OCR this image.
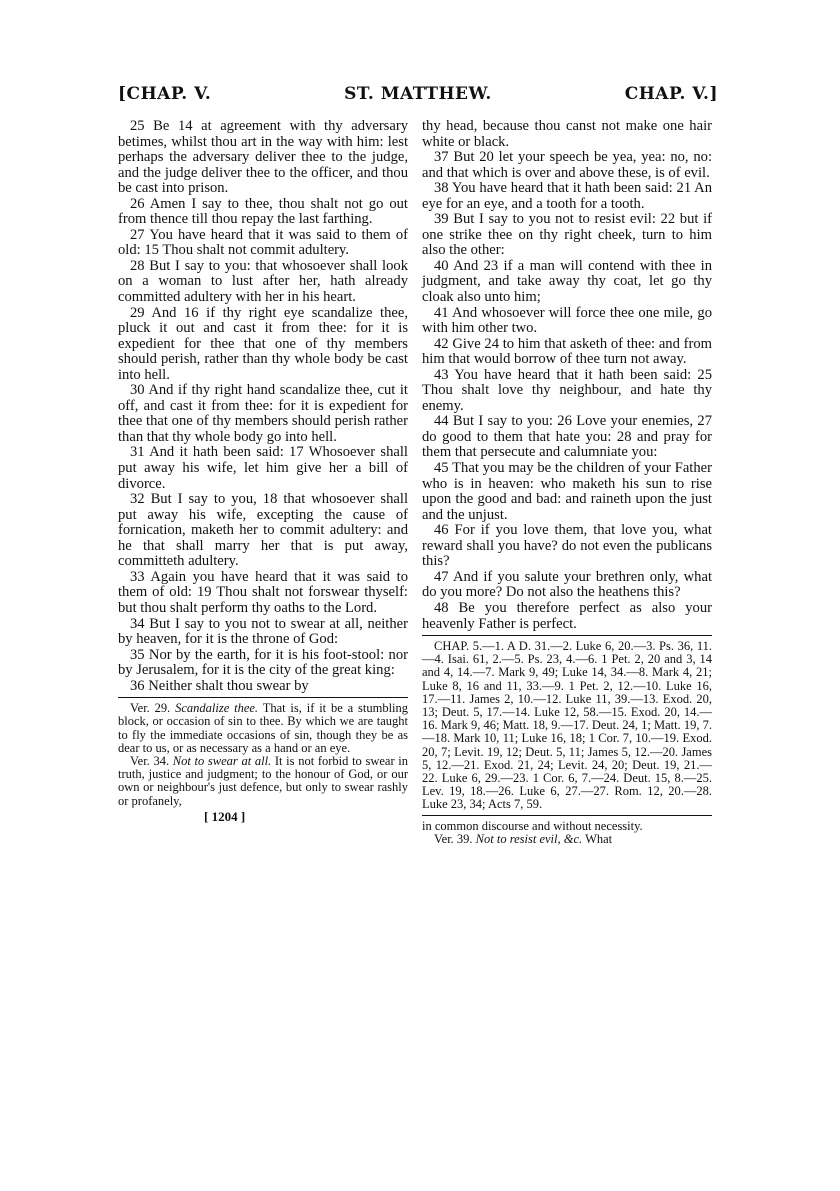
[CHAP. V.	ST. MATTHEW.	CHAP. V.]

25 Be 14 at agreement with thy adversary betimes, whilst thou art in the way with him: lest perhaps the adversary deliver thee to the judge, and the judge deliver thee to the officer, and thou be cast into prison.

26 Amen I say to thee, thou shalt not go out from thence till thou repay the last farthing.

27 You have heard that it was said to them of old: 15 Thou shalt not commit adultery.

28 But I say to you: that whosoever shall look on a woman to lust after her, hath already committed adultery with her in his heart.

29 And 16 if thy right eye scandalize thee, pluck it out and cast it from thee: for it is expedient for thee that one of thy members should perish, rather than thy whole body be cast into hell.

30 And if thy right hand scandalize thee, cut it off, and cast it from thee: for it is expedient for thee that one of thy members should perish rather than that thy whole body go into hell.

31 And it hath been said: 17 Whosoever shall put away his wife, let him give her a bill of divorce.

32 But I say to you, 18 that whosoever shall put away his wife, excepting the cause of fornication, maketh her to commit adultery: and he that shall marry her that is put away, committeth adultery.

33 Again you have heard that it was said to them of old: 19 Thou shalt not forswear thyself: but thou shalt perform thy oaths to the Lord.

34 But I say to you not to swear at all, neither by heaven, for it is the throne of God:

35 Nor by the earth, for it is his foot-stool: nor by Jerusalem, for it is the city of the great king:

36 Neither shalt thou swear by

Ver. 29. Scandalize thee. That is, if it be a stumbling block, or occasion of sin to thee. By which we are taught to fly the immediate occasions of sin, though they be as dear to us, or as necessary as a hand or an eye.

Ver. 34. Not to swear at all. It is not forbid to swear in truth, justice and judgment; to the honour of God, or our own or neighbour's just defence, but only to swear rashly or profanely,

[ 1204 ]

thy head, because thou canst not make one hair white or black.

37 But 20 let your speech be yea, yea: no, no: and that which is over and above these, is of evil.

38 You have heard that it hath been said: 21 An eye for an eye, and a tooth for a tooth.

39 But I say to you not to resist evil: 22 but if one strike thee on thy right cheek, turn to him also the other:

40 And 23 if a man will contend with thee in judgment, and take away thy coat, let go thy cloak also unto him;

41 And whosoever will force thee one mile, go with him other two.

42 Give 24 to him that asketh of thee: and from him that would borrow of thee turn not away.

43 You have heard that it hath been said: 25 Thou shalt love thy neighbour, and hate thy enemy.

44 But I say to you: 26 Love your enemies, 27 do good to them that hate you: 28 and pray for them that persecute and calumniate you:

45 That you may be the children of your Father who is in heaven: who maketh his sun to rise upon the good and bad: and raineth upon the just and the unjust.

46 For if you love them, that love you, what reward shall you have? do not even the publicans this?

47 And if you salute your brethren only, what do you more? Do not also the heathens this?

48 Be you therefore perfect as also your heavenly Father is perfect.

CHAP. 5.—1. A D. 31.—2. Luke 6, 20.—3. Ps. 36, 11.—4. Isai. 61, 2.—5. Ps. 23, 4.—6. 1 Pet. 2, 20 and 3, 14 and 4, 14.—7. Mark 9, 49; Luke 14, 34.—8. Mark 4, 21; Luke 8, 16 and 11, 33.—9. 1 Pet. 2, 12.—10. Luke 16, 17.—11. James 2, 10.—12. Luke 11, 39.—13. Exod. 20, 13; Deut. 5, 17.—14. Luke 12, 58.—15. Exod. 20, 14.—16. Mark 9, 46; Matt. 18, 9.—17. Deut. 24, 1; Matt. 19, 7.—18. Mark 10, 11; Luke 16, 18; 1 Cor. 7, 10.—19. Exod. 20, 7; Levit. 19, 12; Deut. 5, 11; James 5, 12.—20. James 5, 12.—21. Exod. 21, 24; Levit. 24, 20; Deut. 19, 21.—22. Luke 6, 29.—23. 1 Cor. 6, 7.—24. Deut. 15, 8.—25. Lev. 19, 18.—26. Luke 6, 27.—27. Rom. 12, 20.—28. Luke 23, 34; Acts 7, 59.

in common discourse and without necessity.

Ver. 39. Not to resist evil, &c. What
